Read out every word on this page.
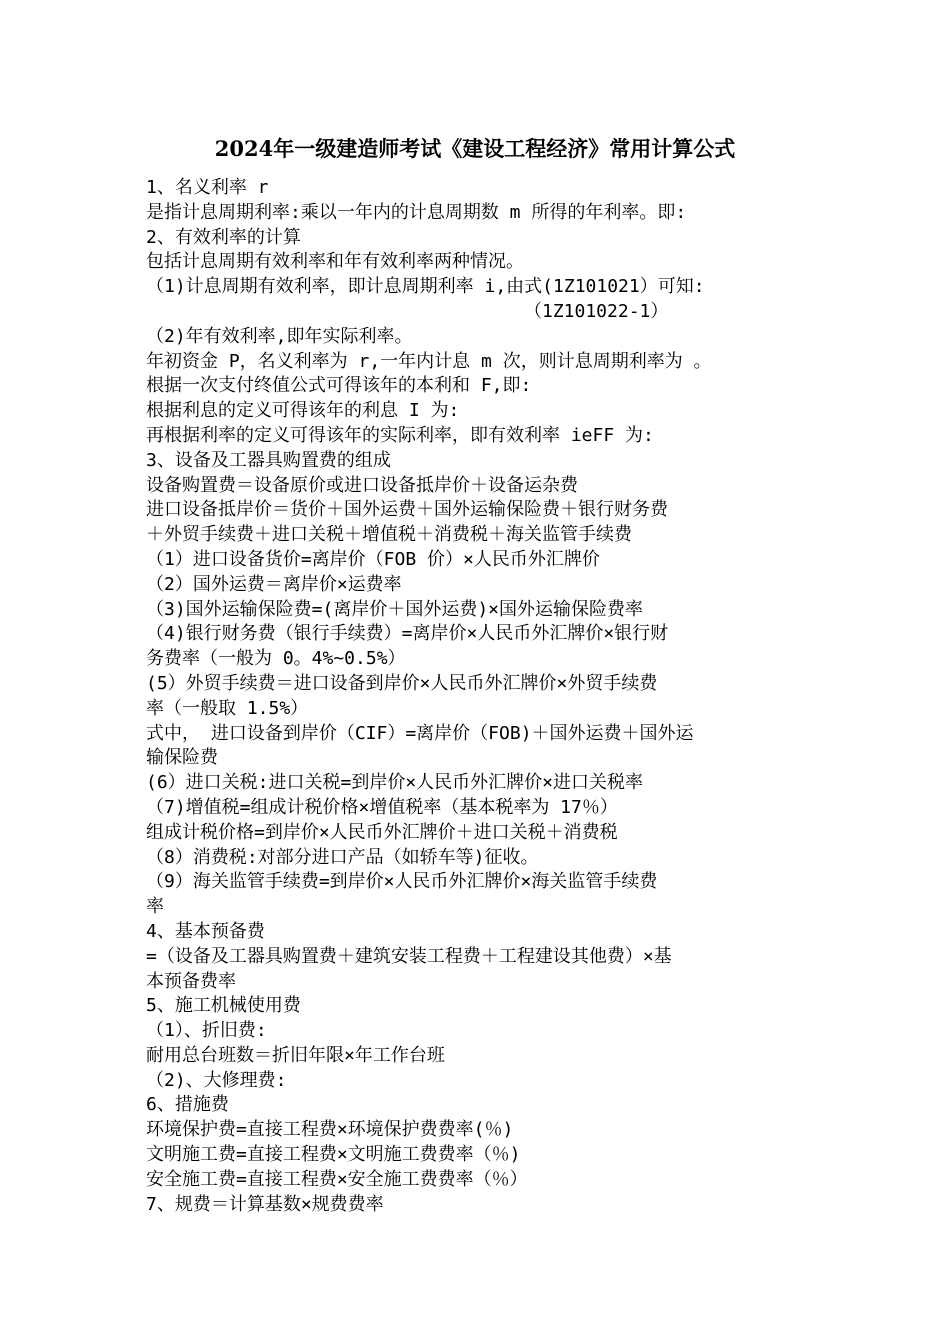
2024年一级建造师考试《建设工程经济》常用计算公式
1、名义利率 r
是指计息周期利率:乘以一年内的计息周期数 m 所得的年利率。即:
2、有效利率的计算
包括计息周期有效利率和年有效利率两种情况。
（1)计息周期有效利率，即计息周期利率 i,由式(1Z101021）可知:
（1Z101022-1）
（2)年有效利率,即年实际利率。
年初资金 P，名义利率为 r,一年内计息 m 次，则计息周期利率为 。
根据一次支付终值公式可得该年的本利和 F,即:
根据利息的定义可得该年的利息 I 为:
再根据利率的定义可得该年的实际利率，即有效利率 ieFF 为:
3、设备及工器具购置费的组成
设备购置费＝设备原价或进口设备抵岸价＋设备运杂费
进口设备抵岸价＝货价＋国外运费＋国外运输保险费＋银行财务费
＋外贸手续费＋进口关税＋增值税＋消费税＋海关监管手续费
（1）进口设备货价=离岸价（FOB 价）×人民币外汇牌价
（2）国外运费＝离岸价×运费率
（3)国外运输保险费=(离岸价＋国外运费)×国外运输保险费率
（4)银行财务费（银行手续费）=离岸价×人民币外汇牌价×银行财
务费率（一般为 0。4%~0.5%）
(5）外贸手续费＝进口设备到岸价×人民币外汇牌价×外贸手续费
率（一般取 1.5%）
式中， 进口设备到岸价（CIF）=离岸价（FOB)＋国外运费＋国外运
输保险费
(6）进口关税:进口关税=到岸价×人民币外汇牌价×进口关税率
（7)增值税=组成计税价格×增值税率（基本税率为 17％）
组成计税价格=到岸价×人民币外汇牌价＋进口关税＋消费税
（8）消费税:对部分进口产品（如轿车等)征收。
（9）海关监管手续费=到岸价×人民币外汇牌价×海关监管手续费
率
4、基本预备费
=（设备及工器具购置费＋建筑安装工程费＋工程建设其他费）×基
本预备费率
5、施工机械使用费
（1）、折旧费:
耐用总台班数＝折旧年限×年工作台班
（2)、大修理费:
6、措施费
环境保护费=直接工程费×环境保护费费率(％)
文明施工费=直接工程费×文明施工费费率（％)
安全施工费=直接工程费×安全施工费费率（％）
7、规费＝计算基数×规费费率
